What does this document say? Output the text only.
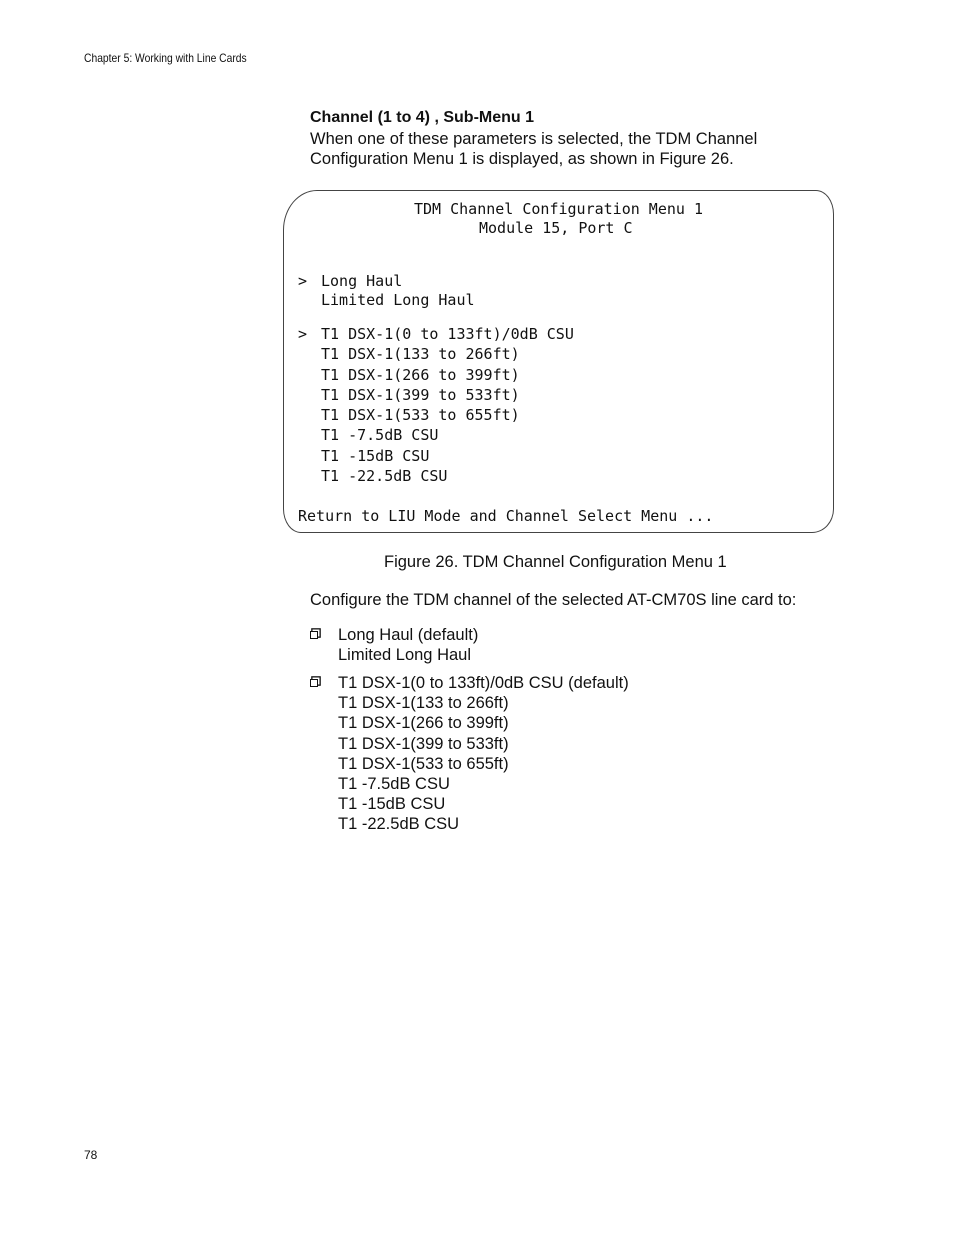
Chapter 5: Working with Line Cards
Channel (1 to 4) , Sub-Menu 1
When one of these parameters is selected, the TDM Channel
Configuration Menu 1 is displayed, as shown in Figure 26.
TDM Channel Configuration Menu 1
Module 15, Port C
> Long Haul
Limited Long Haul
> T1 DSX-1(0 to 133ft)/0dB CSU
T1 DSX-1(133 to 266ft)
T1 DSX-1(266 to 399ft)
T1 DSX-1(399 to 533ft)
T1 DSX-1(533 to 655ft)
T1 -7.5dB CSU
T1 -15dB CSU
T1 -22.5dB CSU
Return to LIU Mode and Channel Select Menu ...
Figure 26. TDM Channel Configuration Menu 1
Configure the TDM channel of the selected AT-CM70S line card to:
Long Haul (default)
Limited Long Haul
T1 DSX-1(0 to 133ft)/0dB CSU (default)
T1 DSX-1(133 to 266ft)
T1 DSX-1(266 to 399ft)
T1 DSX-1(399 to 533ft)
T1 DSX-1(533 to 655ft)
T1 -7.5dB CSU
T1 -15dB CSU
T1 -22.5dB CSU
78
